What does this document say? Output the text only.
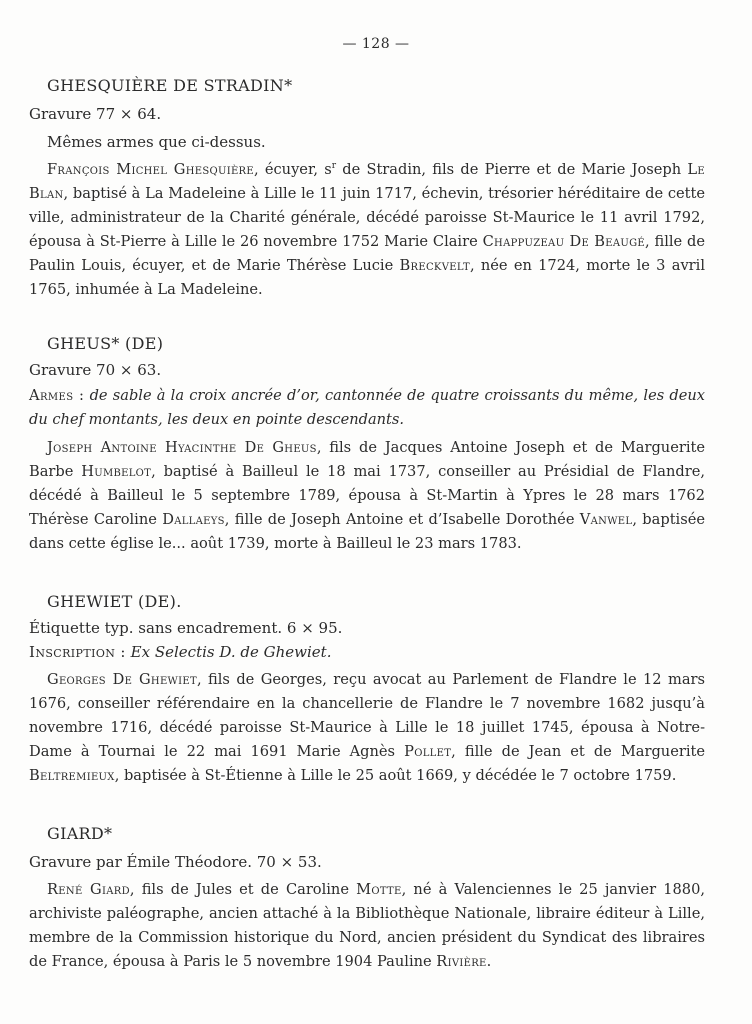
— 128 —
GHESQUIÈRE DE STRADIN*

Gravure 77 × 64.

Mêmes armes que ci-dessus.

François Michel Ghesquière, écuyer, $s^r$ de Stradin, fils de Pierre et de Marie Joseph Le Blan, baptisé à La Madeleine à Lille le 11 juin 1717, échevin, trésorier héréditaire de cette ville, administrateur de la Charité générale, décédé paroisse St-Maurice le 11 avril 1792, épousa à St-Pierre à Lille le 26 novembre 1752 Marie Claire Chappuzeau De Beaugé, fille de Paulin Louis, écuyer, et de Marie Thérèse Lucie Breckvelt, née en 1724, morte le 3 avril 1765, inhumée à La Madeleine.

GHEUS* (DE)

Gravure 70 × 63.

Armes : de sable à la croix ancrée d’or, cantonnée de quatre croissants du même, les deux du chef montants, les deux en pointe descendants.

Joseph Antoine Hyacinthe De Gheus, fils de Jacques Antoine Joseph et de Marguerite Barbe Humbelot, baptisé à Bailleul le 18 mai 1737, conseiller au Présidial de Flandre, décédé à Bailleul le 5 septembre 1789, épousa à St-Martin à Ypres le 28 mars 1762 Thérèse Caroline Dallaeys, fille de Joseph Antoine et d’Isabelle Dorothée Vanwel, baptisée dans cette église le... août 1739, morte à Bailleul le 23 mars 1783.

GHEWIET (DE).

Étiquette typ. sans encadrement. 6 × 95.

Inscription : Ex Selectis D. de Ghewiet.

Georges De Ghewiet, fils de Georges, reçu avocat au Parlement de Flandre le 12 mars 1676, conseiller référendaire en la chancellerie de Flandre le 7 novembre 1682 jusqu’à novembre 1716, décédé paroisse St-Maurice à Lille le 18 juillet 1745, épousa à Notre-Dame à Tournai le 22 mai 1691 Marie Agnès Pollet, fille de Jean et de Marguerite Beltremieux, baptisée à St-Étienne à Lille le 25 août 1669, y décédée le 7 octobre 1759.

GIARD*

Gravure par Émile Théodore. 70 × 53.

René Giard, fils de Jules et de Caroline Motte, né à Valenciennes le 25 janvier 1880, archiviste paléographe, ancien attaché à la Bibliothèque Nationale, libraire éditeur à Lille, membre de la Commission historique du Nord, ancien président du Syndicat des libraires de France, épousa à Paris le 5 novembre 1904 Pauline Rivière.
